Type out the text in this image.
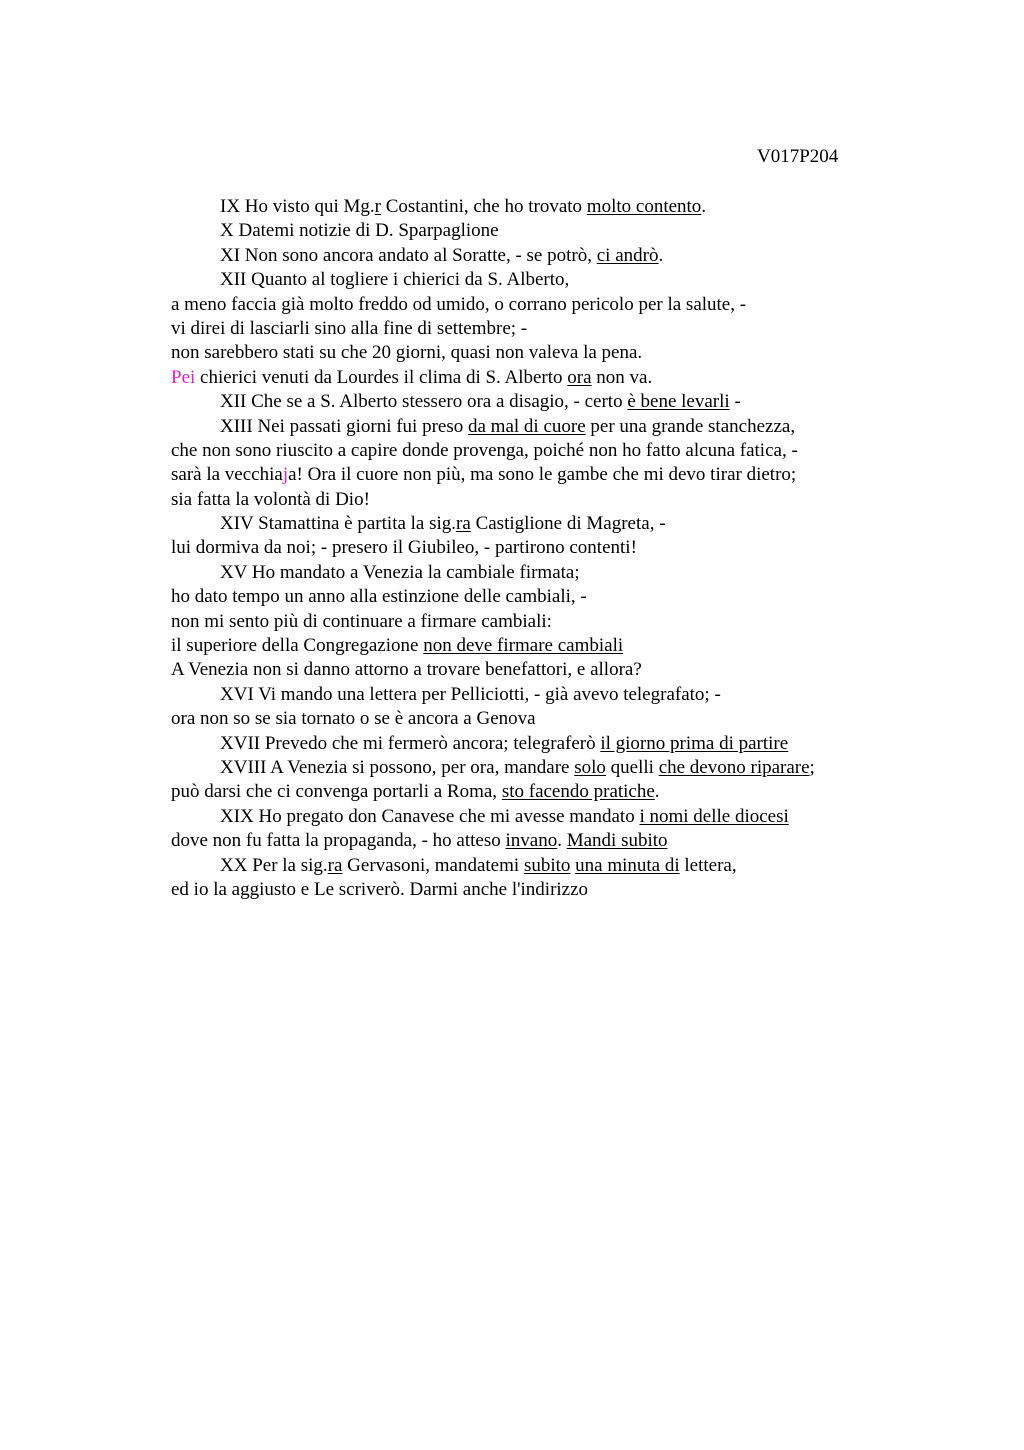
V017P204
IX Ho visto qui Mg.r Costantini, che ho trovato molto contento.
X Datemi notizie di D. Sparpaglione
XI Non sono ancora andato al Soratte, - se potrò, ci andrò.
XII Quanto al togliere i chierici da S. Alberto,
a meno faccia già molto freddo od umido, o corrano pericolo per la salute, -
vi direi di lasciarli sino alla fine di settembre; -
non sarebbero stati su che 20 giorni, quasi non valeva la pena.
Pei chierici venuti da Lourdes il clima di S. Alberto ora non va.
XII Che se a S. Alberto stessero ora a disagio, - certo è bene levarli -
XIII Nei passati giorni fui preso da mal di cuore per una grande stanchezza,
che non sono riuscito a capire donde provenga, poiché non ho fatto alcuna fatica, -
sarà la vecchiaja! Ora il cuore non più, ma sono le gambe che mi devo tirar dietro;
sia fatta la volontà di Dio!
XIV Stamattina è partita la sig.ra Castiglione di Magreta, -
lui dormiva da noi; - presero il Giubileo, - partirono contenti!
XV Ho mandato a Venezia la cambiale firmata;
ho dato tempo un anno alla estinzione delle cambiali, -
non mi sento più di continuare a firmare cambiali:
il superiore della Congregazione non deve firmare cambiali
A Venezia non si danno attorno a trovare benefattori, e allora?
XVI Vi mando una lettera per Pelliciotti, - già avevo telegrafato; -
ora non so se sia tornato o se è ancora a Genova
XVII Prevedo che mi fermerò ancora; telegraferò il giorno prima di partire
XVIII A Venezia si possono, per ora, mandare solo quelli che devono riparare;
può darsi che ci convenga portarli a Roma, sto facendo pratiche.
XIX Ho pregato don Canavese che mi avesse mandato i nomi delle diocesi
dove non fu fatta la propaganda, - ho atteso invano. Mandi subito
XX Per la sig.ra Gervasoni, mandatemi subito una minuta di lettera,
ed io la aggiusto e Le scriverò. Darmi anche l'indirizzo
